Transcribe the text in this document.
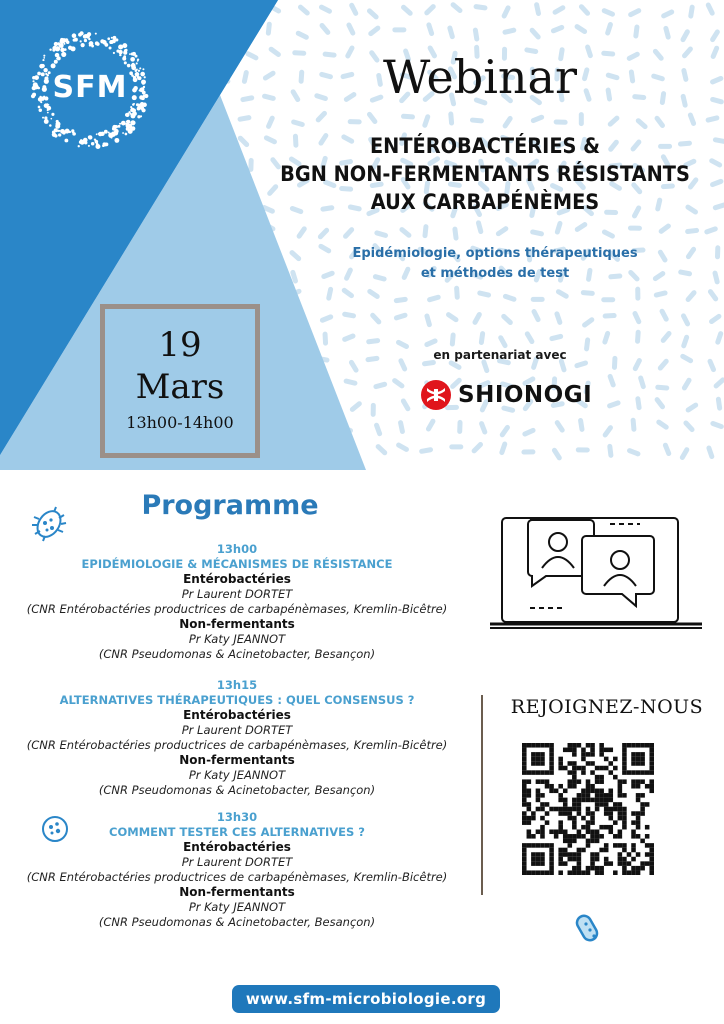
SFM	Webinar
ENTÉROBACTÉRIES &
BGN NON-FERMENTANTS RÉSISTANTS
AUX CARBAPÉNÈMES
Epidémiologie, options thérapeutiques
et méthodes de test
19
Mars
13h00-14h00
en partenariat avec
SHIONOGI
Programme
13h00
EPIDÉMIOLOGIE & MÉCANISMES DE RÉSISTANCE
Entérobactéries
Pr Laurent DORTET
(CNR Entérobactéries productrices de carbapénèmases, Kremlin-Bicêtre)
Non-fermentants
Pr Katy JEANNOT
(CNR Pseudomonas & Acinetobacter, Besançon)
13h15
ALTERNATIVES THÉRAPEUTIQUES : QUEL CONSENSUS ?
Entérobactéries
Pr Laurent DORTET
(CNR Entérobactéries productrices de carbapénèmases, Kremlin-Bicêtre)
Non-fermentants
Pr Katy JEANNOT
(CNR Pseudomonas & Acinetobacter, Besançon)
13h30
COMMENT TESTER CES ALTERNATIVES ?
Entérobactéries
Pr Laurent DORTET
(CNR Entérobactéries productrices de carbapénèmases, Kremlin-Bicêtre)
Non-fermentants
Pr Katy JEANNOT
(CNR Pseudomonas & Acinetobacter, Besançon)
REJOIGNEZ-NOUS
www.sfm-microbiologie.org
